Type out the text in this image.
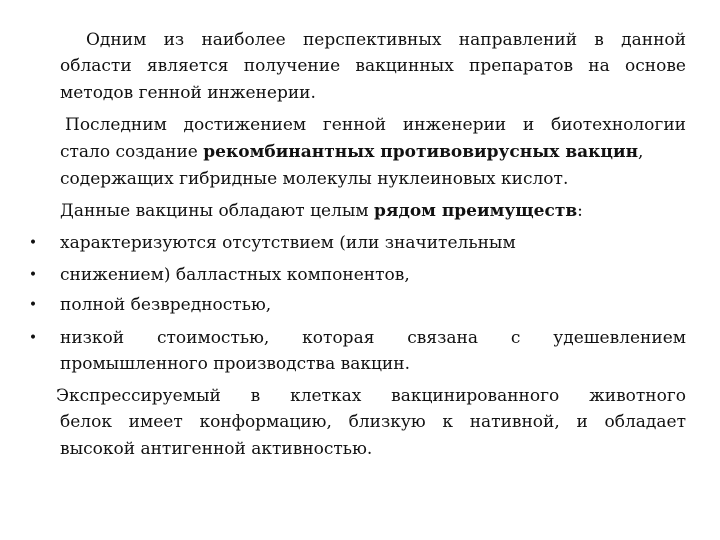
Одним из наиболее перспективных направлений в данной
области является получение вакцинных препаратов на основе
методов генной инженерии.
Последним достижением генной инженерии и биотехнологии
стало создание рекомбинантных противовирусных вакцин,
содержащих гибридные молекулы нуклеиновых кислот.
Данные вакцины обладают целым рядом преимуществ:
• характеризуются отсутствием (или значительным
• снижением) балластных компонентов,
• полной безвредностью,
• низкой стоимостью, которая связана с удешевлением
промышленного производства вакцин.
Экспрессируемый в клетках вакцинированного животного
белок имеет конформацию, близкую к нативной, и обладает
высокой антигенной активностью.
